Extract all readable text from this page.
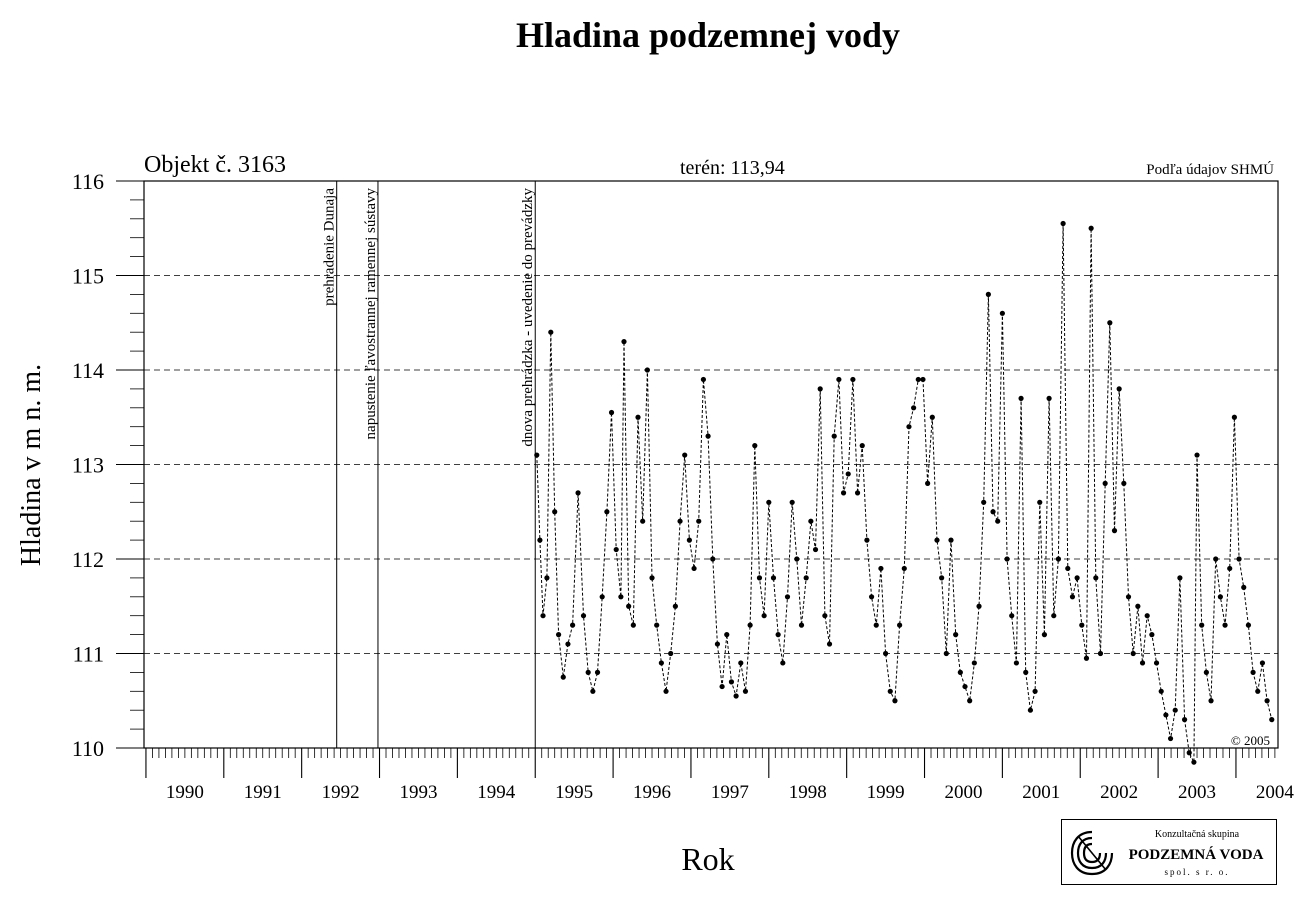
Hladina podzemnej vody
prehradenie Dunaja napustenie ľavostrannej ramennej sústavy	dnova prehrádzka - uvedenie do prevádzky
110
111
112
113
114
115
116
1990 1991 1992 1993 1994 1995 1996 1997 1998 1999 2000 2001 2002 2003 2004
Objekt č. 3163	terén: 113,94	Podľa údajov SHMÚ
© 2005
Rok
Hladina v m n. m.
Konzultačná skupina
PODZEMNÁ VODA
spol. s r. o.
